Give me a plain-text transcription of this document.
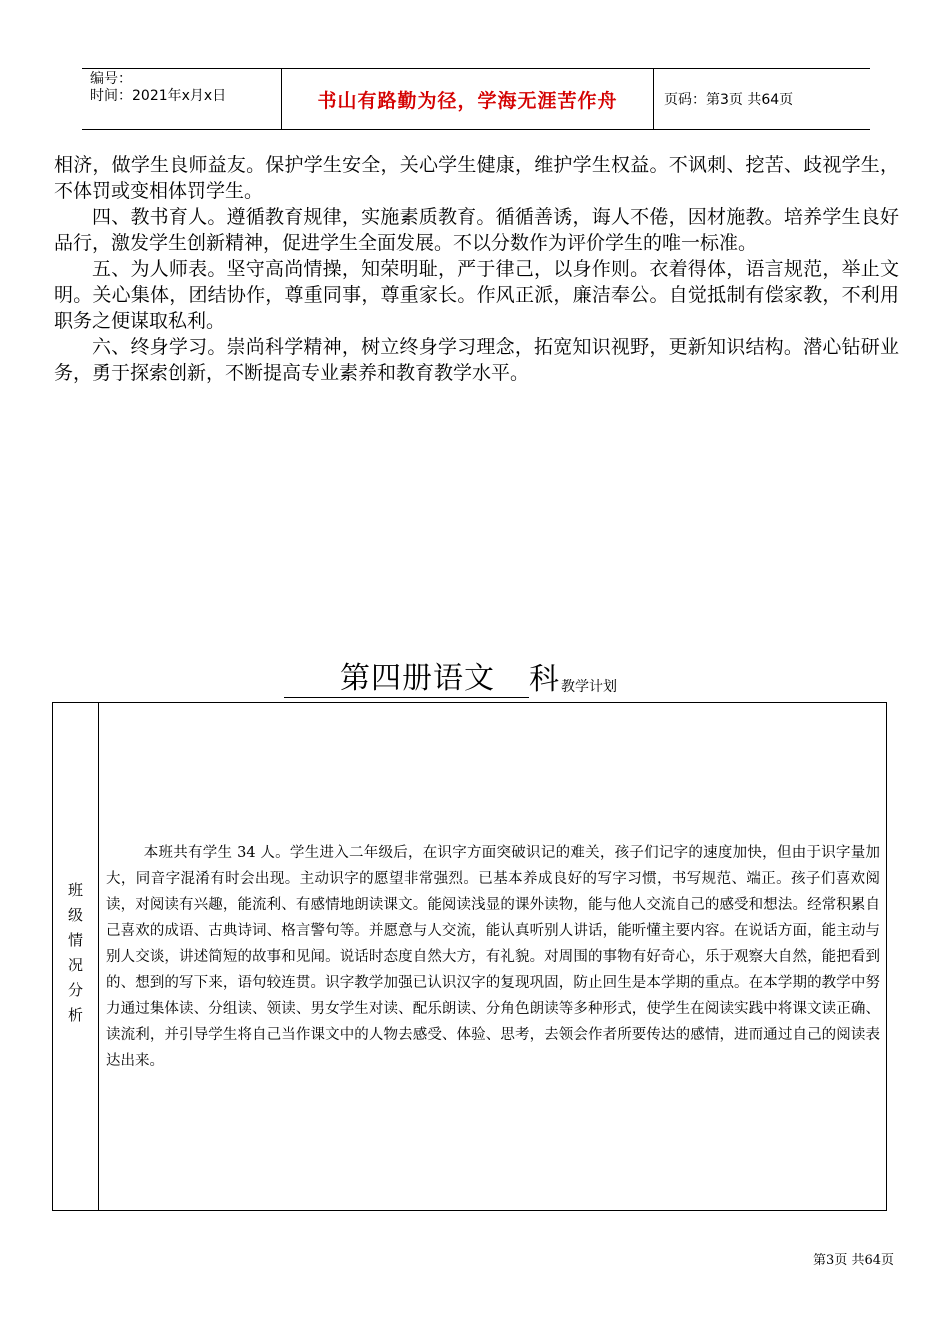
编号：
时间：2021年x月x日	书山有路勤为径，学海无涯苦作舟	页码：第3页 共64页

相济，做学生良师益友。保护学生安全，关心学生健康，维护学生权益。不讽刺、挖苦、歧视学生，不体罚或变相体罚学生。

四、教书育人。遵循教育规律，实施素质教育。循循善诱，诲人不倦，因材施教。培养学生良好品行，激发学生创新精神，促进学生全面发展。不以分数作为评价学生的唯一标准。

五、为人师表。坚守高尚情操，知荣明耻，严于律己，以身作则。衣着得体，语言规范，举止文明。关心集体，团结协作，尊重同事，尊重家长。作风正派，廉洁奉公。自觉抵制有偿家教，不利用职务之便谋取私利。

六、终身学习。崇尚科学精神，树立终身学习理念，拓宽知识视野，更新知识结构。潜心钻研业务，勇于探索创新，不断提高专业素养和教育教学水平。

第四册语文	科 教学计划
班级情况分析

本班共有学生 34 人。学生进入二年级后，在识字方面突破识记的难关，孩子们记字的速度加快，但由于识字量加大，同音字混淆有时会出现。主动识字的愿望非常强烈。已基本养成良好的写字习惯，书写规范、端正。孩子们喜欢阅读，对阅读有兴趣，能流利、有感情地朗读课文。能阅读浅显的课外读物，能与他人交流自己的感受和想法。经常积累自己喜欢的成语、古典诗词、格言警句等。并愿意与人交流，能认真听别人讲话，能听懂主要内容。在说话方面，能主动与别人交谈，讲述简短的故事和见闻。说话时态度自然大方，有礼貌。对周围的事物有好奇心，乐于观察大自然，能把看到的、想到的写下来，语句较连贯。识字教学加强已认识汉字的复现巩固，防止回生是本学期的重点。在本学期的教学中努力通过集体读、分组读、领读、男女学生对读、配乐朗读、分角色朗读等多种形式，使学生在阅读实践中将课文读正确、读流利，并引导学生将自己当作课文中的人物去感受、体验、思考，去领会作者所要传达的感情，进而通过自己的阅读表达出来。

第3页 共64页
